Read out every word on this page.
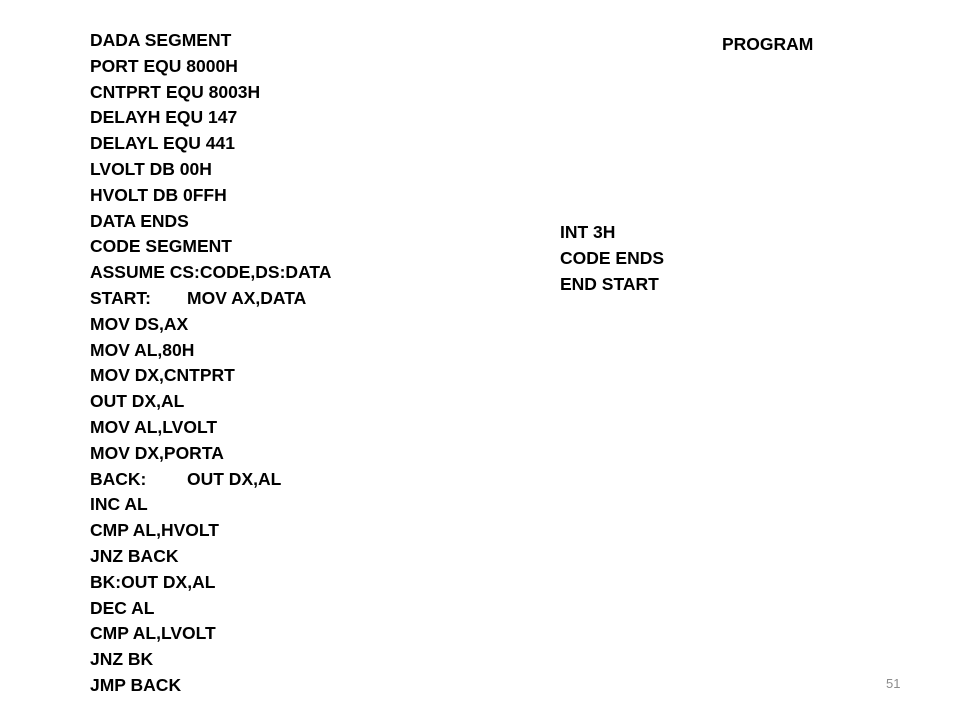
PROGRAM
DADA SEGMENT
PORT EQU 8000H
CNTPRT EQU 8003H
DELAYH EQU 147
DELAYL EQU 441
LVOLT DB 00H
HVOLT DB 0FFH
DATA ENDS
CODE SEGMENT
ASSUME CS:CODE,DS:DATA
START: MOV AX,DATA
MOV DS,AX
MOV AL,80H
MOV DX,CNTPRT
OUT DX,AL
MOV AL,LVOLT
MOV DX,PORTA
BACK: OUT DX,AL
INC AL
CMP AL,HVOLT
JNZ BACK
BK:OUT DX,AL
DEC AL
CMP AL,LVOLT
JNZ BK
JMP BACK
INT 3H
CODE ENDS
END START
51
